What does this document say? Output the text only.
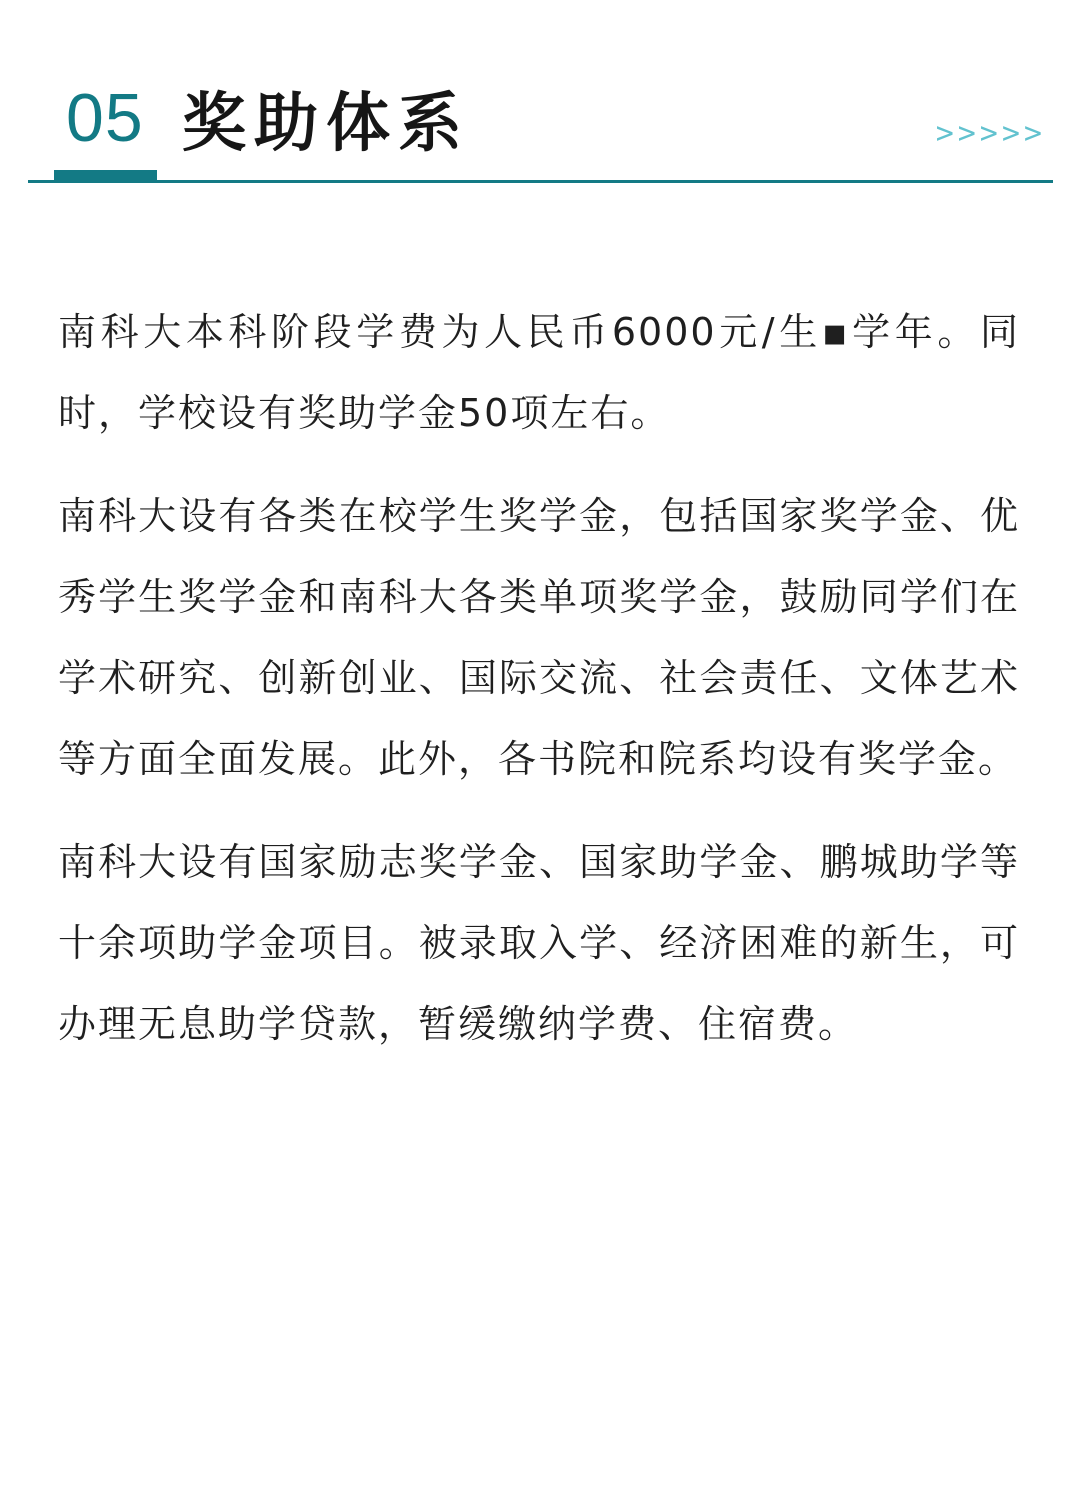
05 奖助体系	>>>>>

南科大本科阶段学费为人民币6000元/生▪学年。同时，学校设有奖助学金50项左右。

南科大设有各类在校学生奖学金，包括国家奖学金、优秀学生奖学金和南科大各类单项奖学金，鼓励同学们在学术研究、创新创业、国际交流、社会责任、文体艺术等方面全面发展。此外，各书院和院系均设有奖学金。

南科大设有国家励志奖学金、国家助学金、鹏城助学等十余项助学金项目。被录取入学、经济困难的新生，可办理无息助学贷款，暂缓缴纳学费、住宿费。
